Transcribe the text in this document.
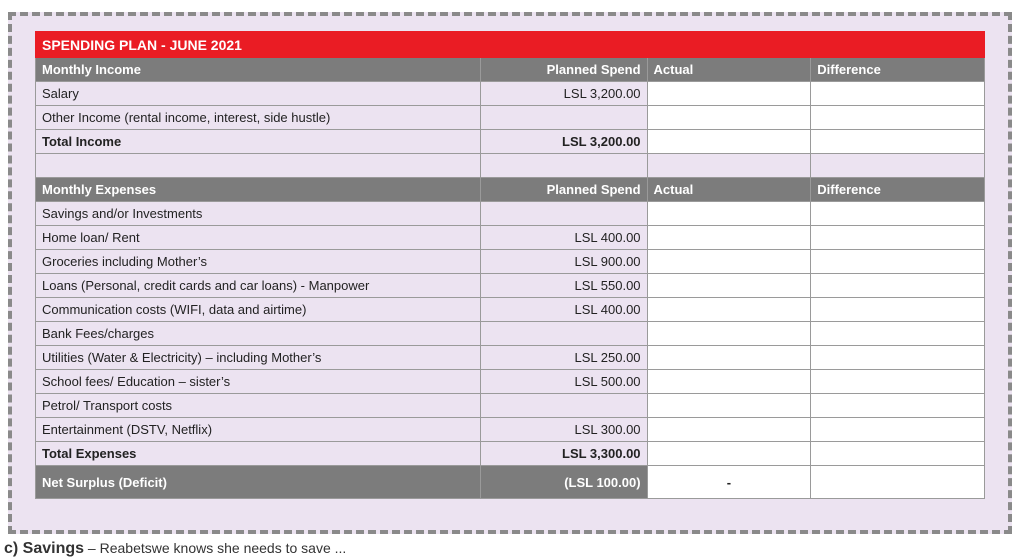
SPENDING PLAN - JUNE 2021			
Monthly Income	Planned Spend	Actual	Difference
Salary	LSL 3,200.00		
Other Income (rental income, interest, side hustle)			
Total Income	LSL 3,200.00		

Monthly Expenses	Planned Spend	Actual	Difference
Savings and/or Investments			
Home loan/ Rent	LSL 400.00		
Groceries including Mother’s	LSL 900.00		
Loans (Personal, credit cards and car loans) - Manpower	LSL 550.00		
Communication costs (WIFI, data and airtime)	LSL 400.00		
Bank Fees/charges			
Utilities (Water & Electricity) – including Mother’s	LSL 250.00		
School fees/ Education – sister’s	LSL 500.00		
Petrol/ Transport costs			
Entertainment (DSTV, Netflix)	LSL 300.00		
Total Expenses	LSL 3,300.00		
Net Surplus (Deficit)	(LSL 100.00)	-	
c) Savings – Reabetswe knows she needs to save ...
